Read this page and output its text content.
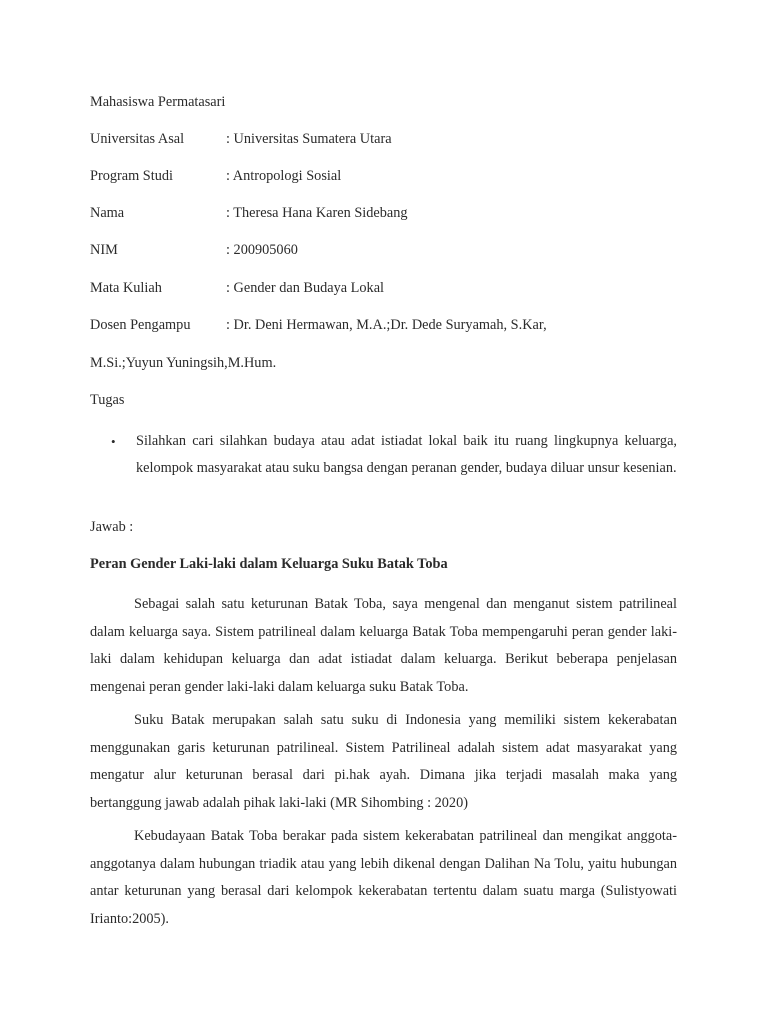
Mahasiswa Permatasari
Universitas Asal	: Universitas Sumatera Utara
Program Studi	: Antropologi Sosial
Nama	: Theresa Hana Karen Sidebang
NIM	: 200905060
Mata Kuliah	: Gender dan Budaya Lokal
Dosen Pengampu : Dr. Deni Hermawan, M.A.;Dr. Dede Suryamah, S.Kar,
M.Si.;Yuyun Yuningsih,M.Hum.
Tugas
• Silahkan cari silahkan budaya atau adat istiadat lokal baik itu ruang lingkupnya keluarga, kelompok masyarakat atau suku bangsa dengan peranan gender, budaya diluar unsur kesenian.
Jawab :
Peran Gender Laki-laki dalam Keluarga Suku Batak Toba
Sebagai salah satu keturunan Batak Toba, saya mengenal dan menganut sistem patrilineal dalam keluarga saya. Sistem patrilineal dalam keluarga Batak Toba mempengaruhi peran gender laki-laki dalam kehidupan keluarga dan adat istiadat dalam keluarga. Berikut beberapa penjelasan mengenai peran gender laki-laki dalam keluarga suku Batak Toba.
Suku Batak merupakan salah satu suku di Indonesia yang memiliki sistem kekerabatan menggunakan garis keturunan patrilineal. Sistem Patrilineal adalah sistem adat masyarakat yang mengatur alur keturunan berasal dari pi.hak ayah. Dimana jika terjadi masalah maka yang bertanggung jawab adalah pihak laki-laki (MR Sihombing : 2020)
Kebudayaan Batak Toba berakar pada sistem kekerabatan patrilineal dan mengikat anggota-anggotanya dalam hubungan triadik atau yang lebih dikenal dengan Dalihan Na Tolu, yaitu hubungan antar keturunan yang berasal dari kelompok kekerabatan tertentu dalam suatu marga (Sulistyowati Irianto:2005).
